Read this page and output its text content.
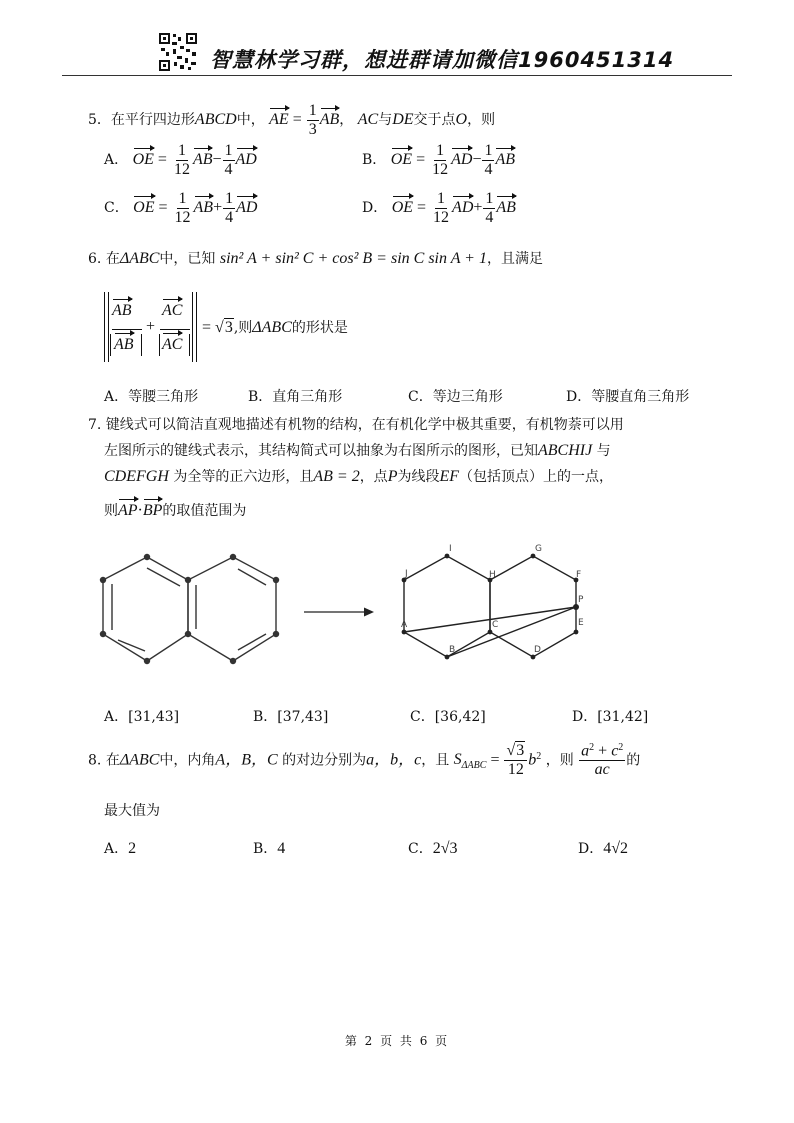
智慧林学习群，想进群请加微信1960451314
5．在平行四边形ABCD中， AE = $\frac{1}{3}$ AB， AC与DE交于点O，则
A． OE = $\frac{1}{12} AB- \frac{1}{4}$ AD	B． OE = $\frac{1}{12} AD- \frac{1}{4}$ AB
C． OE = $\frac{1}{12} AB+ \frac{1}{4}$ AD	D． OE = $\frac{1}{12} AD+ \frac{1}{4}$ AB
6. 在ΔABC中，已知 sin² A + sin² C + cos² B = sin C sin A + 1，且满足
AB
AB
+
AC
AC
= √3,则ΔABC的形状是
A．等腰三角形	B．直角三角形	C．等边三角形	D．等腰直角三角形
7. 键线式可以简洁直观地描述有机物的结构，在有机化学中极其重要，有机物萘可以用
左图所示的键线式表示，其结构简式可以抽象为右图所示的图形，已知ABCHIJ 与
CDEFGH 为全等的正六边形，且AB = 2，点P为线段EF（包括顶点）上的一点，
则AP·BP的取值范围为
A
B
C
D
E
F
G
H
I
J
P
A．[31,43]	B．[37,43]	C．[36,42]	D．[31,42]
8. 在ΔABC中，内角A，B，C 的对边分别为a，b，c，且 $S_{\Delta ABC} = \frac{√3}{12} b^2$ ，则 $\frac{a^2 + c^2}{ac}$ 的
最大值为
A．2	B．4	C．2√3	D．4√2
第 2 页 共 6 页
